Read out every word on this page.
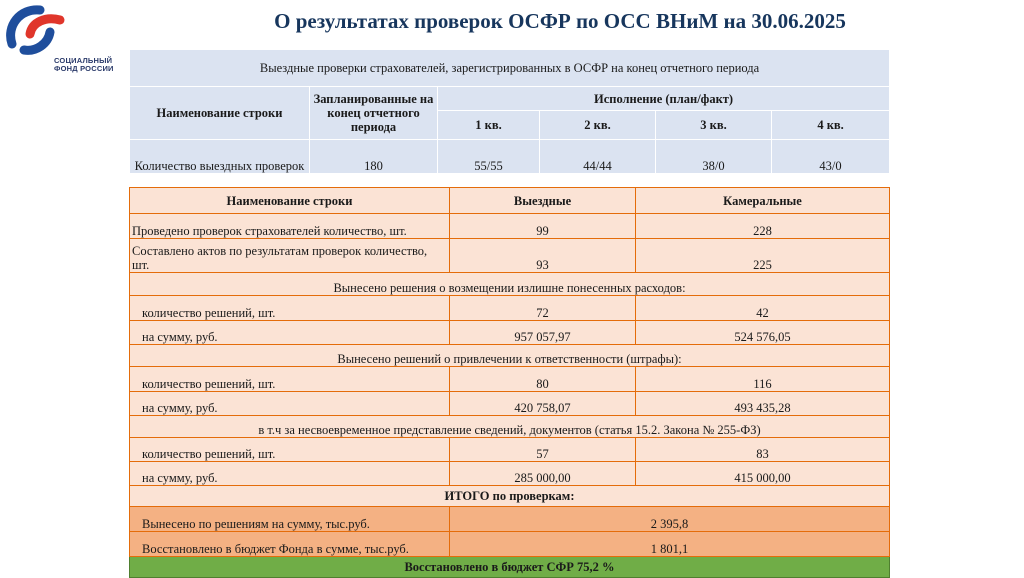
СОЦИАЛЬНЫЙ
ФОНД РОССИИ
О результатах проверок ОСФР по ОСС ВНиМ на 30.06.2025
Выездные проверки страхователей, зарегистрированных в ОСФР на конец отчетного периода					
Наименование строки	Запланированные на конец отчетного периода	Исполнение (план/факт)			
		1 кв.	2 кв.	3 кв.	4 кв.
Количество выездных проверок	180	55/55	44/44	38/0	43/0
Наименование строки	Выездные	Камеральные
Проведено проверок страхователей количество, шт.	99	228
Составлено актов по результатам проверок количество, шт.	93	225
Вынесено решения о возмещении излишне понесенных расходов:		
количество решений, шт.	72	42
на сумму, руб.	957 057,97	524 576,05
Вынесено решений о привлечении к ответственности (штрафы):		
количество решений, шт.	80	116
на сумму, руб.	420 758,07	493 435,28
в т.ч за несвоевременное представление сведений, документов (статья 15.2. Закона № 255-ФЗ)		
количество решений, шт.	57	83
на сумму, руб.	285 000,00	415 000,00
ИТОГО по проверкам:		
Вынесено по решениям на сумму, тыс.руб.	2 395,8	
Восстановлено в бюджет Фонда в сумме, тыс.руб.	1 801,1	
Восстановлено в бюджет СФР 75,2 %		
